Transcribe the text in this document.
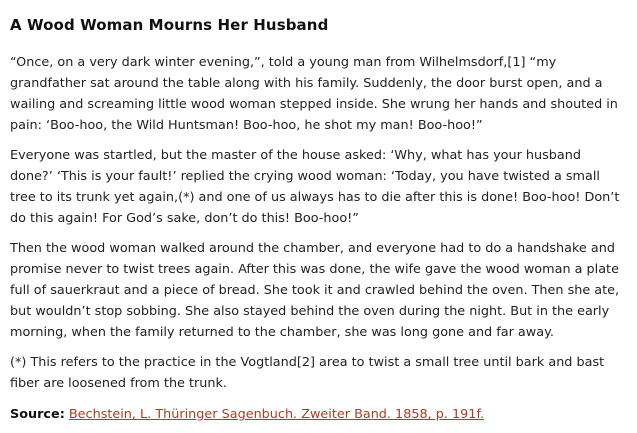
A Wood Woman Mourns Her Husband

“Once, on a very dark winter evening,”, told a young man from Wilhelmsdorf,[1] “my grandfather sat around the table along with his family. Suddenly, the door burst open, and a wailing and screaming little wood woman stepped inside. She wrung her hands and shouted in pain: ‘Boo-hoo, the Wild Huntsman! Boo-hoo, he shot my man! Boo-hoo!”

Everyone was startled, but the master of the house asked: ‘Why, what has your husband done?’ ‘This is your fault!’ replied the crying wood woman: ‘Today, you have twisted a small tree to its trunk yet again,(*) and one of us always has to die after this is done! Boo-hoo! Don’t do this again! For God’s sake, don’t do this! Boo-hoo!”

Then the wood woman walked around the chamber, and everyone had to do a handshake and promise never to twist trees again. After this was done, the wife gave the wood woman a plate full of sauerkraut and a piece of bread. She took it and crawled behind the oven. Then she ate, but wouldn’t stop sobbing. She also stayed behind the oven during the night. But in the early morning, when the family returned to the chamber, she was long gone and far away.

(*) This refers to the practice in the Vogtland[2] area to twist a small tree until bark and bast fiber are loosened from the trunk.

Source: Bechstein, L. Thüringer Sagenbuch. Zweiter Band. 1858, p. 191f.
